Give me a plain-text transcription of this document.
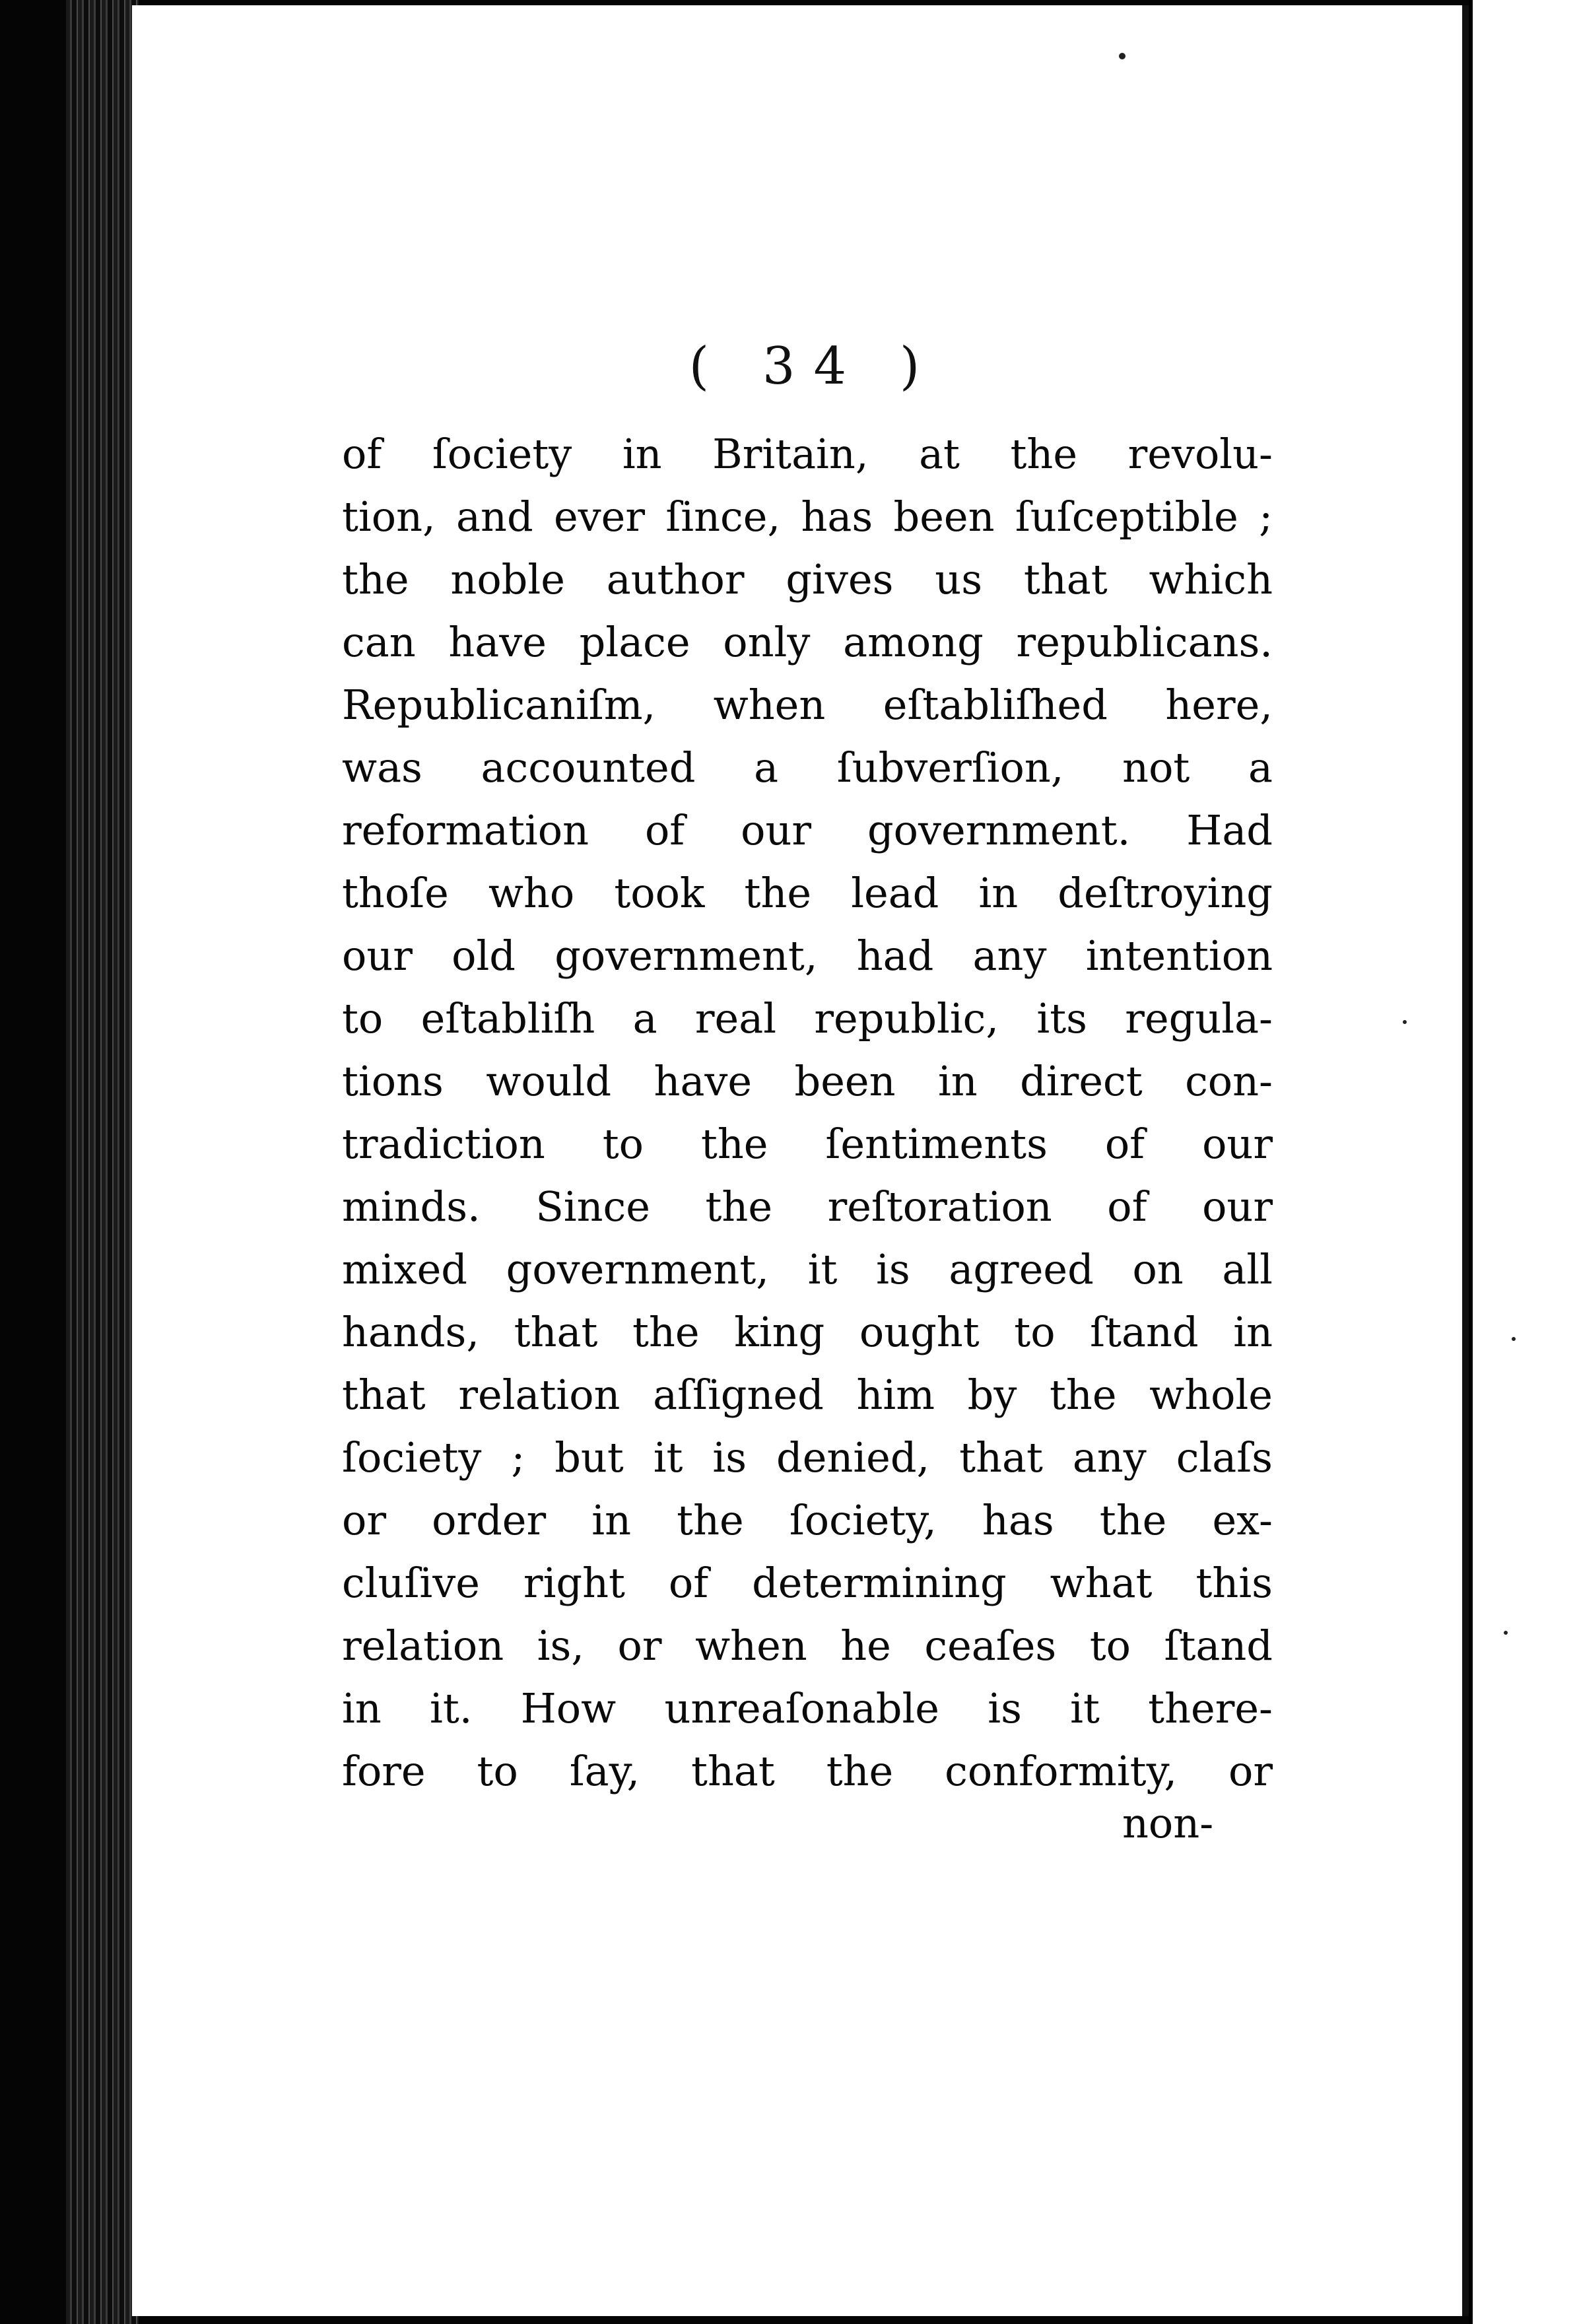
( 34 )
of ſociety in Britain, at the revolu-
tion, and ever ſince, has been ſuſceptible ;
the noble author gives us that which
can have place only among republicans.
Republicaniſm, when eſtabliſhed here,
was accounted a ſubverſion, not a
reformation of our government. Had
thoſe who took the lead in deſtroying
our old government, had any intention
to eſtabliſh a real republic, its regula-
tions would have been in direct con-
tradiction to the ſentiments of our
minds. Since the reſtoration of our
mixed government, it is agreed on all
hands, that the king ought to ſtand in
that relation aſſigned him by the whole
ſociety ; but it is denied, that any claſs
or order in the ſociety, has the ex-
cluſive right of determining what this
relation is, or when he ceaſes to ſtand
in it. How unreaſonable is it there-
fore to ſay, that the conformity, or
non-
